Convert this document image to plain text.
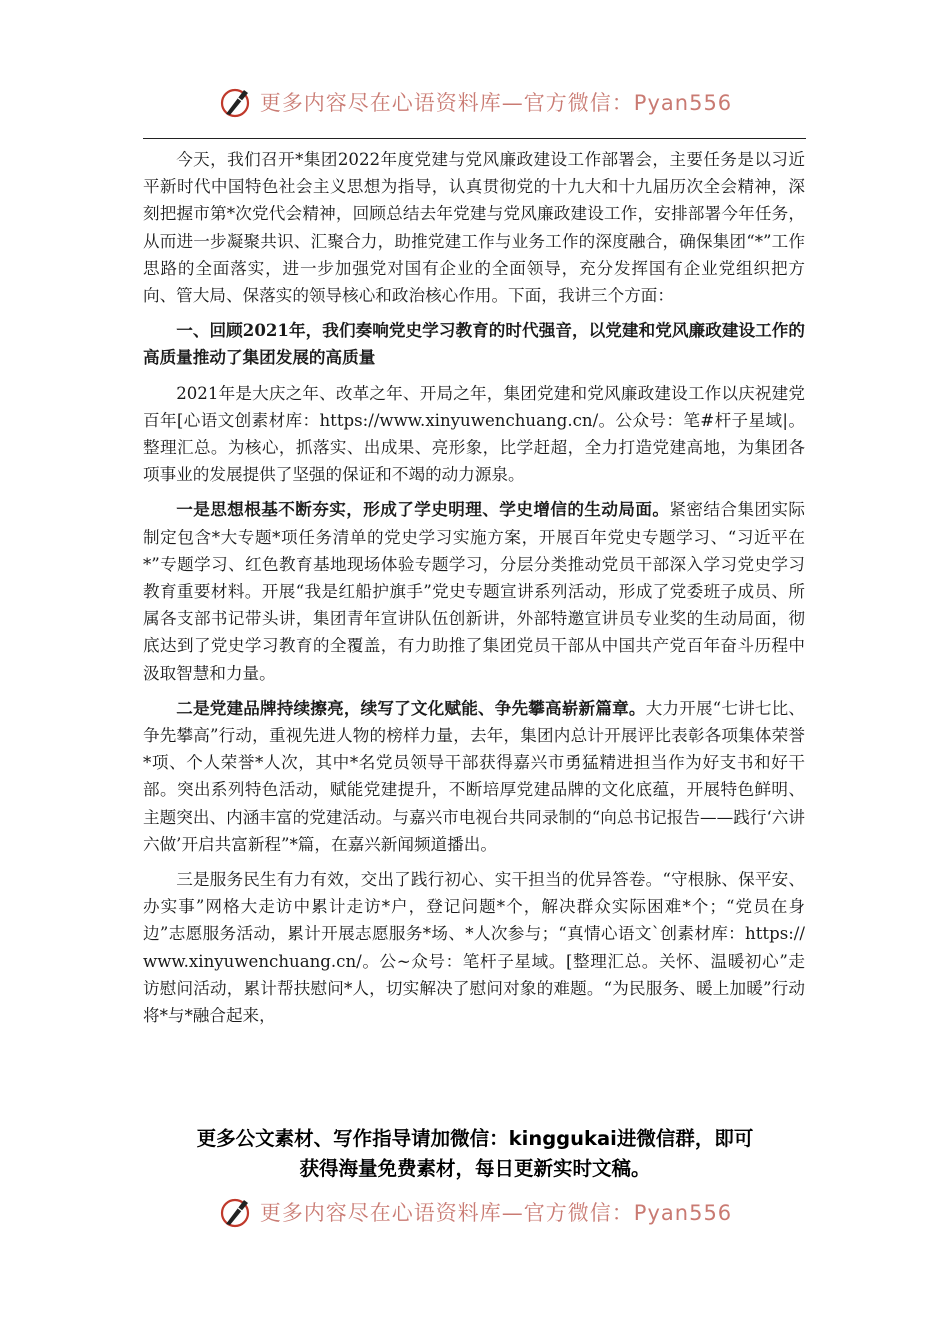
更多内容尽在心语资料库—官方微信：Pyan556

今天，我们召开*集团2022年度党建与党风廉政建设工作部署会，主要任务是以习近平新时代中国特色社会主义思想为指导，认真贯彻党的十九大和十九届历次全会精神，深刻把握市第*次党代会精神，回顾总结去年党建与党风廉政建设工作，安排部署今年任务，从而进一步凝聚共识、汇聚合力，助推党建工作与业务工作的深度融合，确保集团“*”工作思路的全面落实，进一步加强党对国有企业的全面领导，充分发挥国有企业党组织把方向、管大局、保落实的领导核心和政治核心作用。下面，我讲三个方面：

一、回顾2021年，我们奏响党史学习教育的时代强音，以党建和党风廉政建设工作的高质量推动了集团发展的高质量

2021年是大庆之年、改革之年、开局之年，集团党建和党风廉政建设工作以庆祝建党百年[心语文创素材库：https://www.xinyuwenchuang.cn/。公众号：笔#杆子星域|。整理汇总。为核心，抓落实、出成果、亮形象，比学赶超，全力打造党建高地，为集团各项事业的发展提供了坚强的保证和不竭的动力源泉。

一是思想根基不断夯实，形成了学史明理、学史增信的生动局面。紧密结合集团实际制定包含*大专题*项任务清单的党史学习实施方案，开展百年党史专题学习、“习近平在*”专题学习、红色教育基地现场体验专题学习，分层分类推动党员干部深入学习党史学习教育重要材料。开展“我是红船护旗手”党史专题宣讲系列活动，形成了党委班子成员、所属各支部书记带头讲，集团青年宣讲队伍创新讲，外部特邀宣讲员专业奖的生动局面，彻底达到了党史学习教育的全覆盖，有力助推了集团党员干部从中国共产党百年奋斗历程中汲取智慧和力量。

二是党建品牌持续擦亮，续写了文化赋能、争先攀高崭新篇章。大力开展“七讲七比、争先攀高”行动，重视先进人物的榜样力量，去年，集团内总计开展评比表彰各项集体荣誉*项、个人荣誉*人次，其中*名党员领导干部获得嘉兴市勇猛精进担当作为好支书和好干部。突出系列特色活动，赋能党建提升，不断培厚党建品牌的文化底蕴，开展特色鲜明、主题突出、内涵丰富的党建活动。与嘉兴市电视台共同录制的“向总书记报告——践行‘六讲六做’开启共富新程”*篇，在嘉兴新闻频道播出。

三是服务民生有力有效，交出了践行初心、实干担当的优异答卷。“守根脉、保平安、办实事”网格大走访中累计走访*户，登记问题*个，解决群众实际困难*个；“党员在身边”志愿服务活动，累计开展志愿服务*场、*人次参与；“真情心语文`创素材库：https://www.xinyuwenchuang.cn/。公~众号：笔杆子星域。[整理汇总。关怀、温暖初心”走访慰问活动，累计帮扶慰问*人，切实解决了慰问对象的难题。“为民服务、暖上加暖”行动将*与*融合起来，

更多公文素材、写作指导请加微信：kinggukai进微信群，即可
获得海量免费素材，每日更新实时文稿。
更多内容尽在心语资料库—官方微信：Pyan556
